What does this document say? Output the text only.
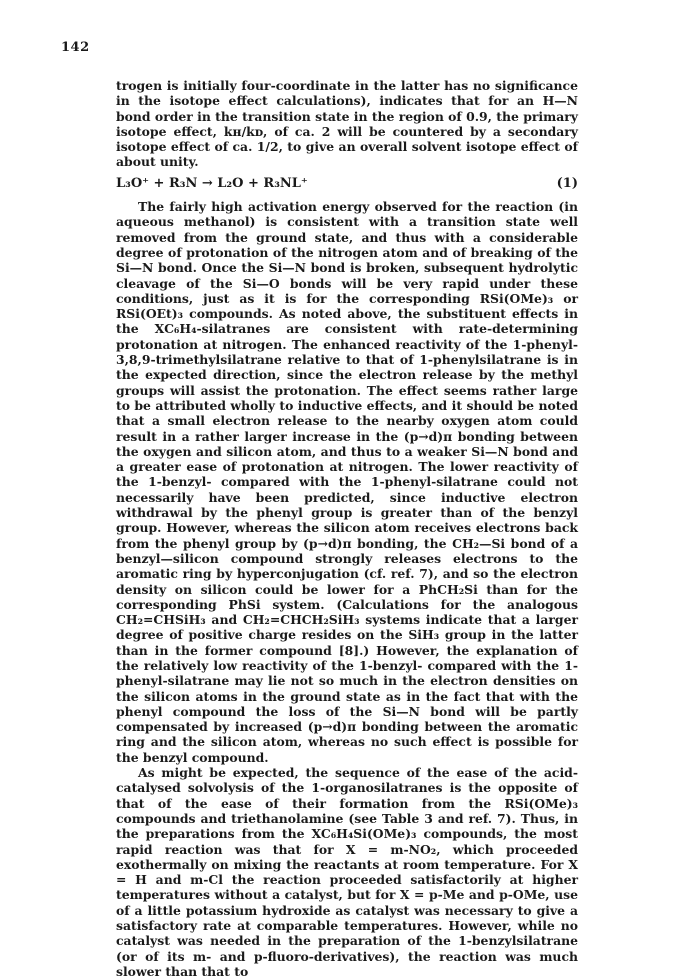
142

trogen is initially four-coordinate in the latter has no significance in the isotope effect calculations), indicates that for an H—N bond order in the transition state in the region of 0.9, the primary isotope effect, kʜ/kᴅ, of ca. 2 will be countered by a secondary isotope effect of ca. 1/2, to give an overall solvent isotope effect of about unity.

L₃O⁺ + R₃N → L₂O + R₃NL⁺	(1)

The fairly high activation energy observed for the reaction (in aqueous methanol) is consistent with a transition state well removed from the ground state, and thus with a considerable degree of protonation of the nitrogen atom and of breaking of the Si—N bond. Once the Si—N bond is broken, subsequent hydrolytic cleavage of the Si—O bonds will be very rapid under these conditions, just as it is for the corresponding RSi(OMe)₃ or RSi(OEt)₃ compounds. As noted above, the substituent effects in the XC₆H₄-silatranes are consistent with rate-determining protonation at nitrogen. The enhanced reactivity of the 1-phenyl-3,8,9-trimethylsilatrane relative to that of 1-phenylsilatrane is in the expected direction, since the electron release by the methyl groups will assist the protonation. The effect seems rather large to be attributed wholly to inductive effects, and it should be noted that a small electron release to the nearby oxygen atom could result in a rather larger increase in the (p→d)π bonding between the oxygen and silicon atom, and thus to a weaker Si—N bond and a greater ease of protonation at nitrogen. The lower reactivity of the 1-benzyl- compared with the 1-phenyl-silatrane could not necessarily have been predicted, since inductive electron withdrawal by the phenyl group is greater than of the benzyl group. However, whereas the silicon atom receives electrons back from the phenyl group by (p→d)π bonding, the CH₂—Si bond of a benzyl—silicon compound strongly releases electrons to the aromatic ring by hyperconjugation (cf. ref. 7), and so the electron density on silicon could be lower for a PhCH₂Si than for the corresponding PhSi system. (Calculations for the analogous CH₂=CHSiH₃ and CH₂=CHCH₂SiH₃ systems indicate that a larger degree of positive charge resides on the SiH₃ group in the latter than in the former compound [8].) However, the explanation of the relatively low reactivity of the 1-benzyl- compared with the 1-phenyl-silatrane may lie not so much in the electron densities on the silicon atoms in the ground state as in the fact that with the phenyl compound the loss of the Si—N bond will be partly compensated by increased (p→d)π bonding between the aromatic ring and the silicon atom, whereas no such effect is possible for the benzyl compound.

As might be expected, the sequence of the ease of the acid-catalysed solvolysis of the 1-organosilatranes is the opposite of that of the ease of their formation from the RSi(OMe)₃ compounds and triethanolamine (see Table 3 and ref. 7). Thus, in the preparations from the XC₆H₄Si(OMe)₃ compounds, the most rapid reaction was that for X = m-NO₂, which proceeded exothermally on mixing the reactants at room temperature. For X = H and m-Cl the reaction proceeded satisfactorily at higher temperatures without a catalyst, but for X = p-Me and p-OMe, use of a little potassium hydroxide as catalyst was necessary to give a satisfactory rate at comparable temperatures. However, while no catalyst was needed in the preparation of the 1-benzylsilatrane (or of its m- and p-fluoro-derivatives), the reaction was much slower than that to
